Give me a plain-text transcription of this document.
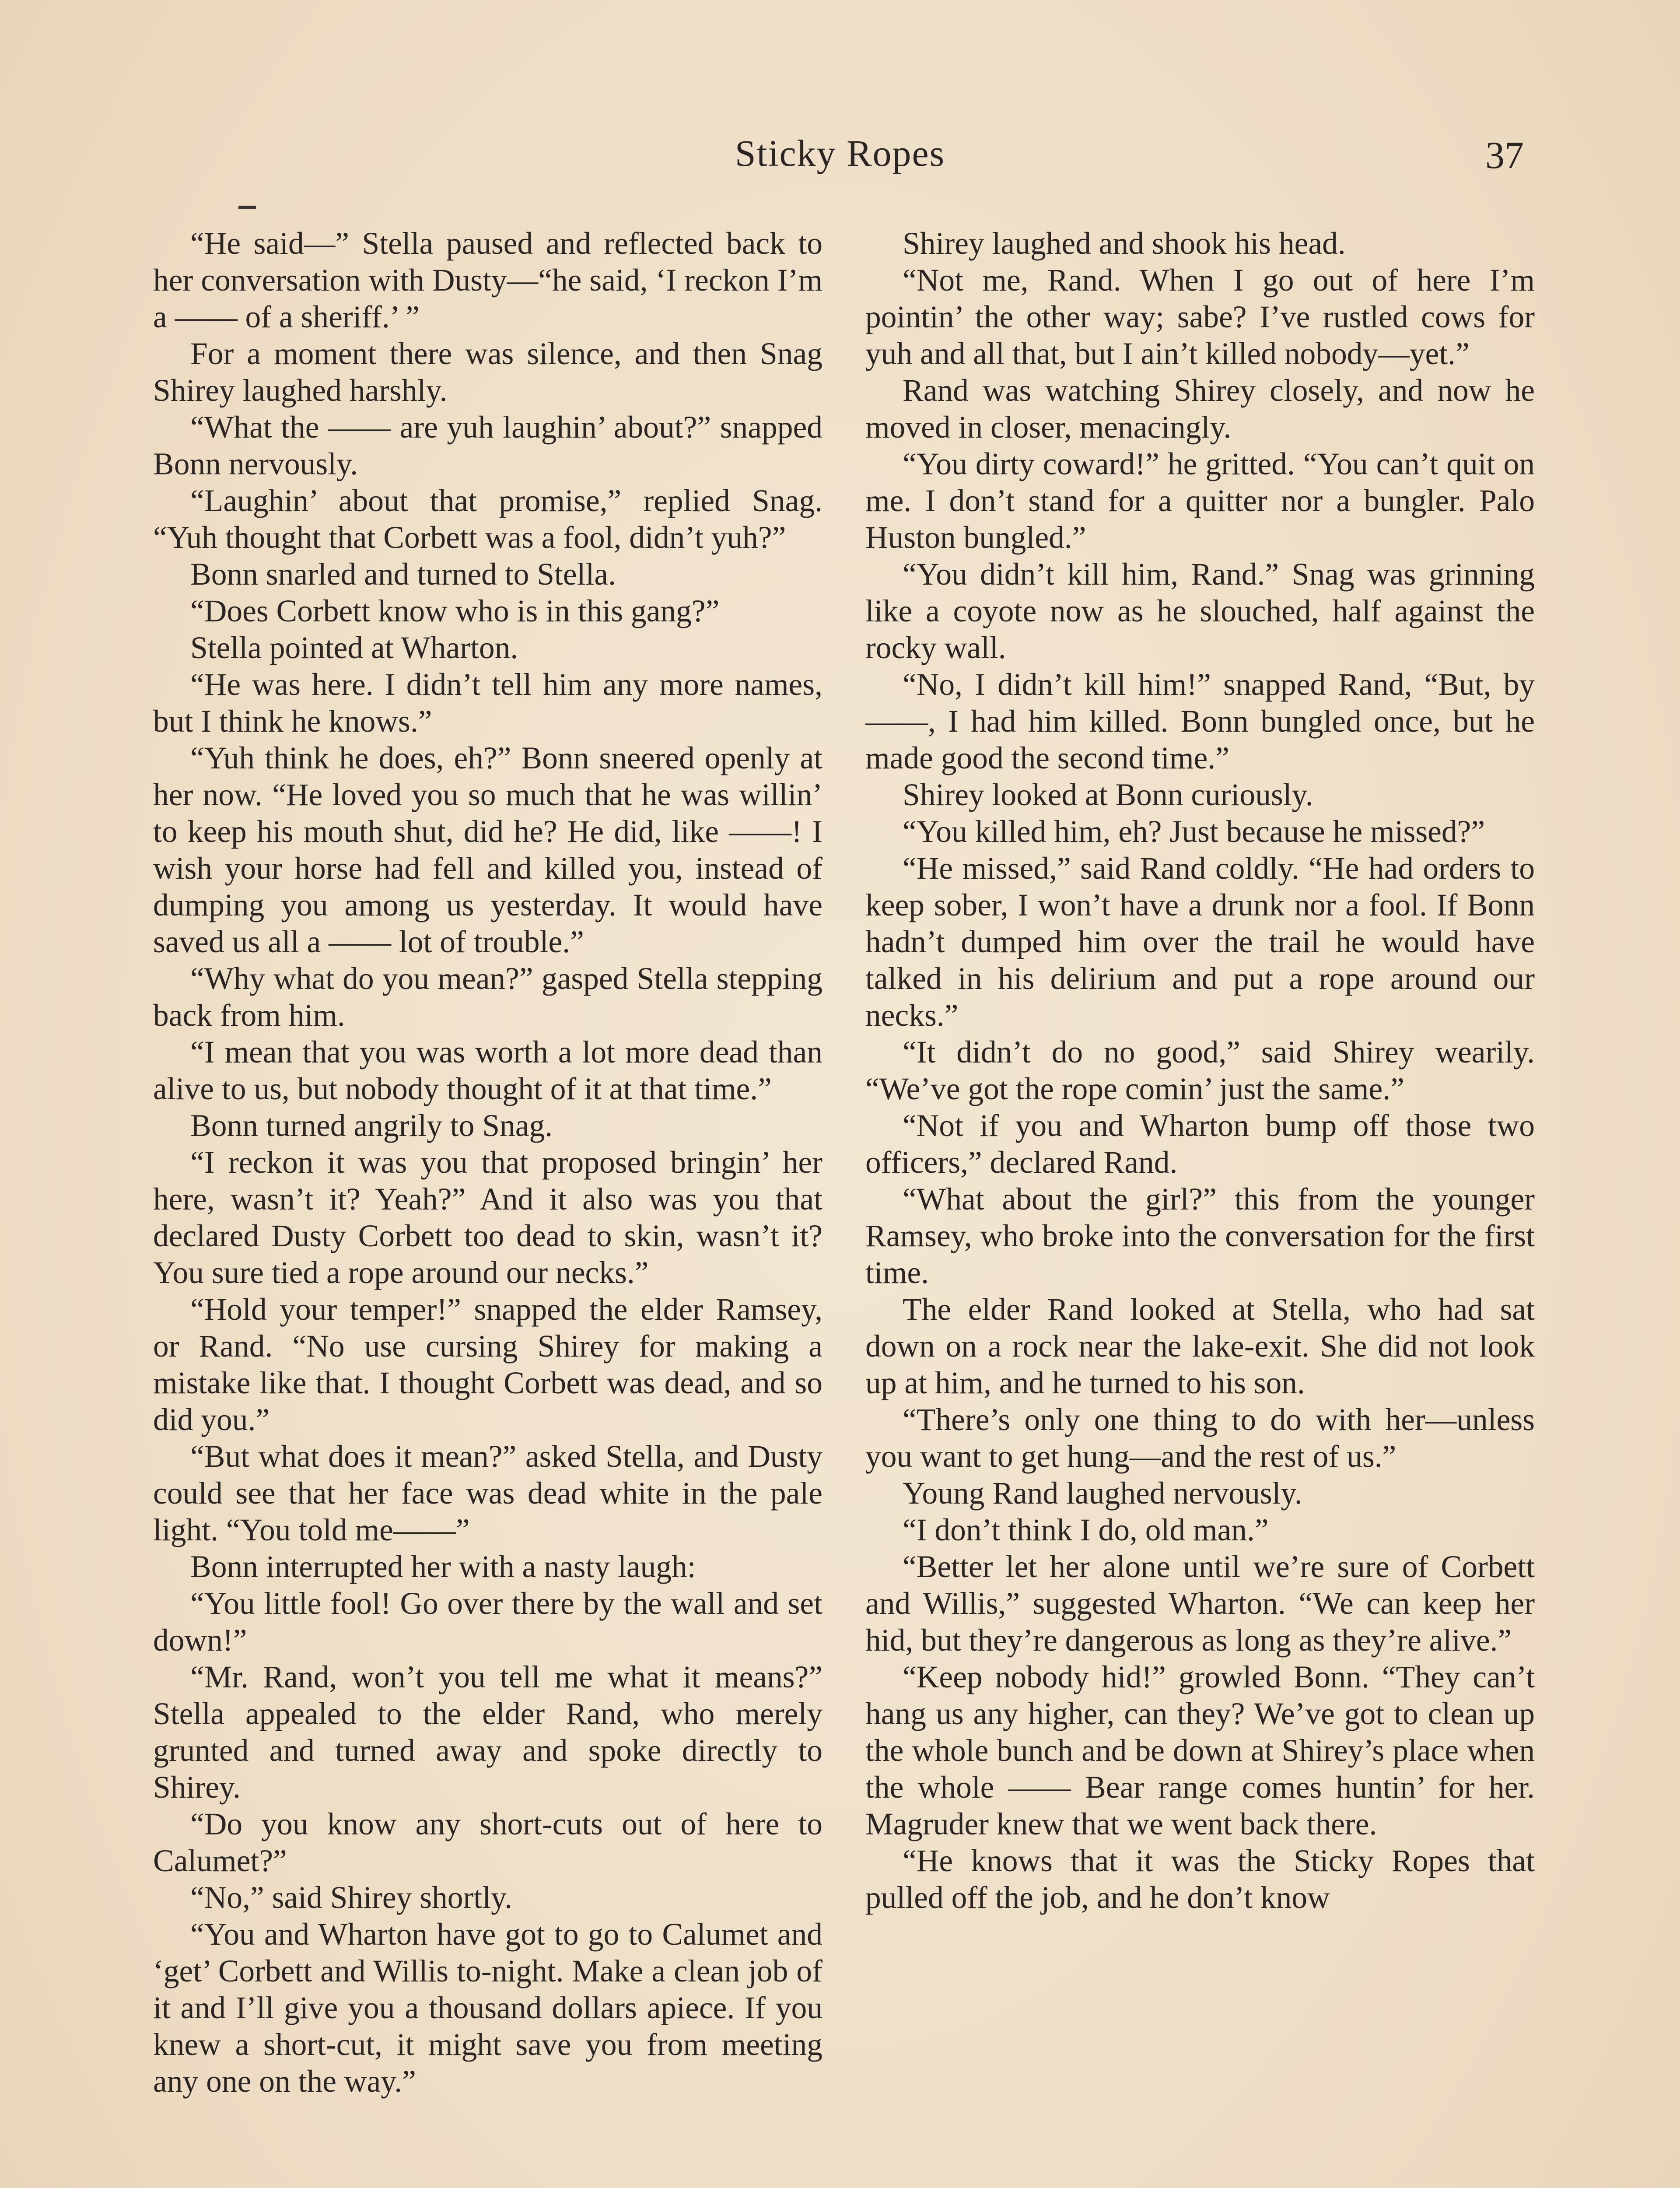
Sticky Ropes	37

“He said—” Stella paused and reflected back to her conversation with Dusty—“he said, ‘I reckon I’m a —— of a sheriff.’ ”

For a moment there was silence, and then Snag Shirey laughed harshly.

“What the —— are yuh laughin’ about?” snapped Bonn nervously.

“Laughin’ about that promise,” replied Snag. “Yuh thought that Corbett was a fool, didn’t yuh?”

Bonn snarled and turned to Stella.

“Does Corbett know who is in this gang?”

Stella pointed at Wharton.

“He was here. I didn’t tell him any more names, but I think he knows.”

“Yuh think he does, eh?” Bonn sneered openly at her now. “He loved you so much that he was willin’ to keep his mouth shut, did he? He did, like ——! I wish your horse had fell and killed you, instead of dumping you among us yesterday. It would have saved us all a —— lot of trouble.”

“Why what do you mean?” gasped Stella stepping back from him.

“I mean that you was worth a lot more dead than alive to us, but nobody thought of it at that time.”

Bonn turned angrily to Snag.

“I reckon it was you that proposed bringin’ her here, wasn’t it? Yeah?” And it also was you that declared Dusty Corbett too dead to skin, wasn’t it? You sure tied a rope around our necks.”

“Hold your temper!” snapped the elder Ramsey, or Rand. “No use cursing Shirey for making a mistake like that. I thought Corbett was dead, and so did you.”

“But what does it mean?” asked Stella, and Dusty could see that her face was dead white in the pale light. “You told me——”

Bonn interrupted her with a nasty laugh:

“You little fool! Go over there by the wall and set down!”

“Mr. Rand, won’t you tell me what it means?” Stella appealed to the elder Rand, who merely grunted and turned away and spoke directly to Shirey.

“Do you know any short-cuts out of here to Calumet?”

“No,” said Shirey shortly.

“You and Wharton have got to go to Calumet and ‘get’ Corbett and Willis to-night. Make a clean job of it and I’ll give you a thousand dollars apiece. If you knew a short-cut, it might save you from meeting any one on the way.”

Shirey laughed and shook his head.

“Not me, Rand. When I go out of here I’m pointin’ the other way; sabe? I’ve rustled cows for yuh and all that, but I ain’t killed nobody—yet.”

Rand was watching Shirey closely, and now he moved in closer, menacingly.

“You dirty coward!” he gritted. “You can’t quit on me. I don’t stand for a quitter nor a bungler. Palo Huston bungled.”

“You didn’t kill him, Rand.” Snag was grinning like a coyote now as he slouched, half against the rocky wall.

“No, I didn’t kill him!” snapped Rand, “But, by ——, I had him killed. Bonn bungled once, but he made good the second time.”

Shirey looked at Bonn curiously.

“You killed him, eh? Just because he missed?”

“He missed,” said Rand coldly. “He had orders to keep sober, I won’t have a drunk nor a fool. If Bonn hadn’t dumped him over the trail he would have talked in his delirium and put a rope around our necks.”

“It didn’t do no good,” said Shirey wearily. “We’ve got the rope comin’ just the same.”

“Not if you and Wharton bump off those two officers,” declared Rand.

“What about the girl?” this from the younger Ramsey, who broke into the conversation for the first time.

The elder Rand looked at Stella, who had sat down on a rock near the lake-exit. She did not look up at him, and he turned to his son.

“There’s only one thing to do with her—unless you want to get hung—and the rest of us.”

Young Rand laughed nervously.

“I don’t think I do, old man.”

“Better let her alone until we’re sure of Corbett and Willis,” suggested Wharton. “We can keep her hid, but they’re dangerous as long as they’re alive.”

“Keep nobody hid!” growled Bonn. “They can’t hang us any higher, can they? We’ve got to clean up the whole bunch and be down at Shirey’s place when the whole —— Bear range comes huntin’ for her. Magruder knew that we went back there.

“He knows that it was the Sticky Ropes that pulled off the job, and he don’t know
